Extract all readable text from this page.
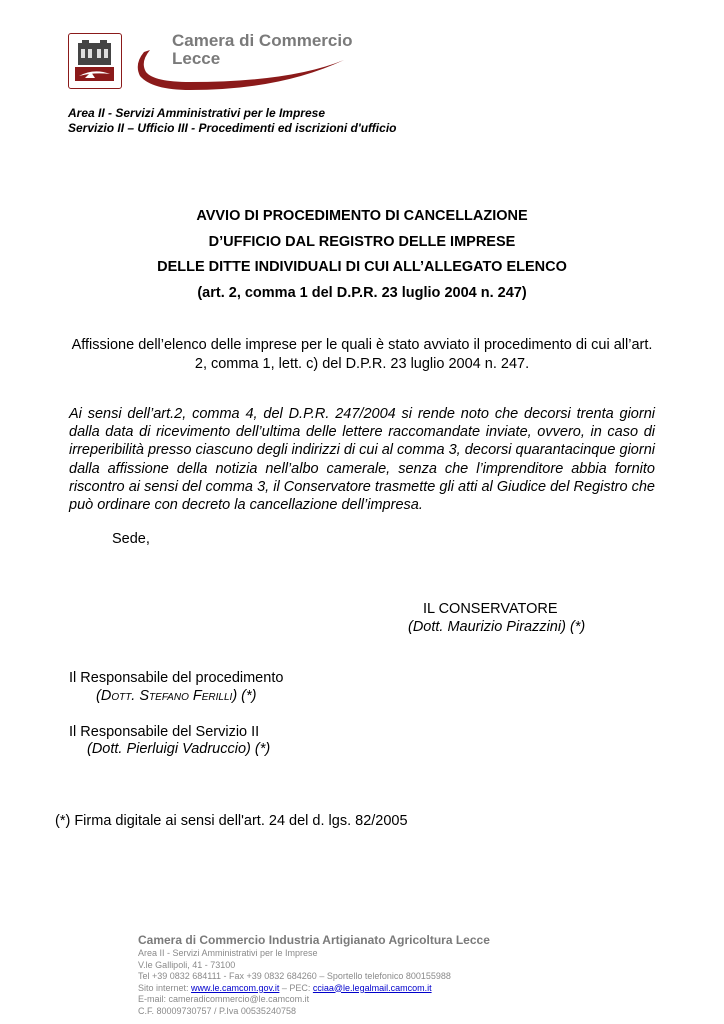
Camera di Commercio
Lecce
Area II - Servizi Amministrativi per le Imprese
Servizio II – Ufficio III - Procedimenti ed iscrizioni d'ufficio
AVVIO DI PROCEDIMENTO DI CANCELLAZIONE
D’UFFICIO DAL REGISTRO DELLE IMPRESE
DELLE DITTE INDIVIDUALI DI CUI ALL’ALLEGATO ELENCO
(art. 2, comma 1 del D.P.R. 23 luglio 2004 n. 247)
Affissione dell’elenco delle imprese per le quali è stato avviato il procedimento di cui all’art.
2, comma 1, lett. c) del D.P.R. 23 luglio 2004 n. 247.
Ai sensi dell’art.2, comma 4, del D.P.R. 247/2004 si rende noto che decorsi trenta giorni dalla data di ricevimento dell’ultima delle lettere raccomandate inviate, ovvero, in caso di irreperibilità presso ciascuno degli indirizzi di cui al comma 3, decorsi quarantacinque giorni dalla affissione della notizia nell’albo camerale, senza che l’imprenditore abbia fornito riscontro ai sensi del comma 3, il Conservatore trasmette gli atti al Giudice del Registro che può ordinare con decreto la cancellazione dell’impresa.
Sede,
IL CONSERVATORE
(Dott. Maurizio Pirazzini) (*)
Il Responsabile del procedimento
(Dott. Stefano Ferilli) (*)
Il Responsabile del Servizio II
(Dott. Pierluigi Vadruccio) (*)
(*) Firma digitale ai sensi dell'art. 24 del d. lgs. 82/2005
Camera di Commercio Industria Artigianato Agricoltura Lecce
Area II - Servizi Amministrativi per le Imprese
V.le Gallipoli, 41 - 73100
Tel +39 0832 684111 - Fax +39 0832 684260 – Sportello telefonico 800155988
Sito internet: www.le.camcom.gov.it – PEC: cciaa@le.legalmail.camcom.it
E-mail: cameradicommercio@le.camcom.it
C.F. 80009730757 / P.Iva 00535240758
